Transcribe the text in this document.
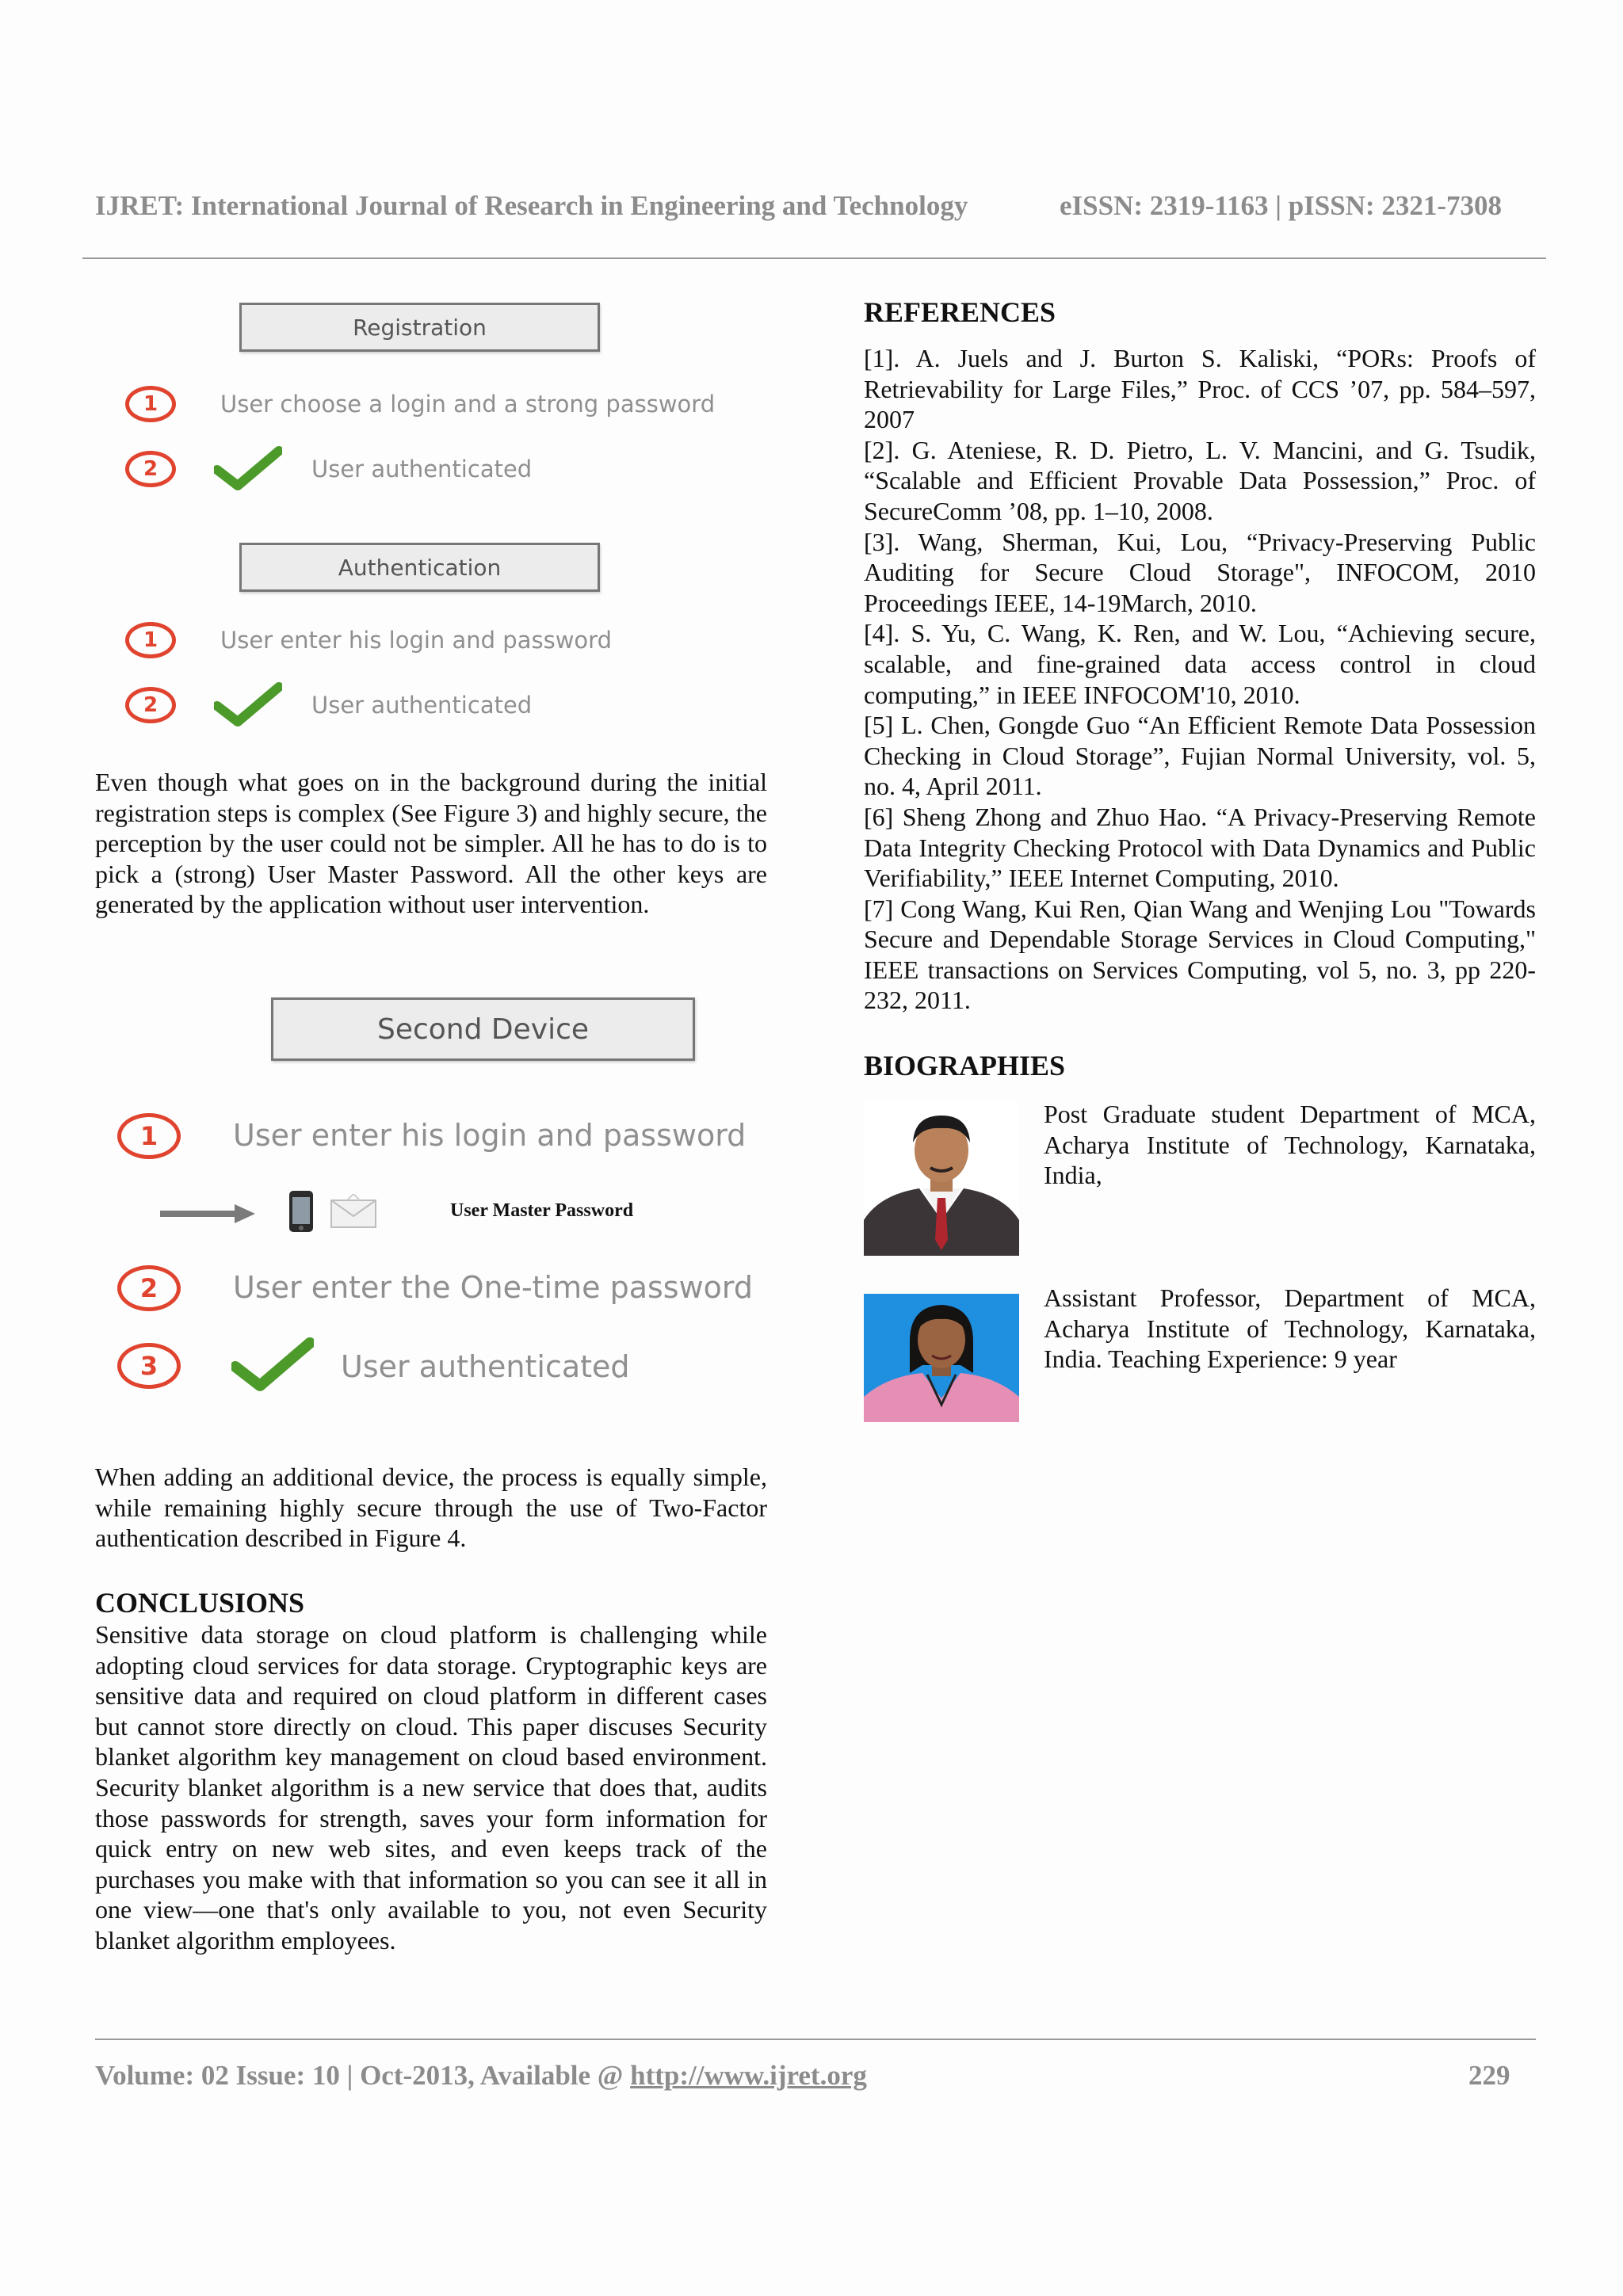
IJRET: International Journal of Research in Engineering and Technology	eISSN: 2319-1163 | pISSN: 2321-7308
Registration
1	User choose a login and a strong password
2	User authenticated
Authentication
1	User enter his login and password
2	User authenticated
Even though what goes on in the background during the initial registration steps is complex (See Figure 3) and highly secure, the perception by the user could not be simpler. All he has to do is to pick a (strong) User Master Password. All the other keys are generated by the application without user intervention.
Second Device
1 User enter his login and password
User Master Password
2 User enter the One-time password
3	User authenticated
When adding an additional device, the process is equally simple, while remaining highly secure through the use of Two-Factor authentication described in Figure 4.
CONCLUSIONS
Sensitive data storage on cloud platform is challenging while adopting cloud services for data storage. Cryptographic keys are sensitive data and required on cloud platform in different cases but cannot store directly on cloud. This paper discuses Security blanket algorithm key management on cloud based environment. Security blanket algorithm is a new service that does that, audits those passwords for strength, saves your form information for quick entry on new web sites, and even keeps track of the purchases you make with that information so you can see it all in one view—one that's only available to you, not even Security blanket algorithm employees.
REFERENCES

[1]. A. Juels and J. Burton S. Kaliski, “PORs: Proofs of Retrievability for Large Files,” Proc. of CCS ’07, pp. 584–597, 2007

[2]. G. Ateniese, R. D. Pietro, L. V. Mancini, and G. Tsudik, “Scalable and Efficient Provable Data Possession,” Proc. of SecureComm ’08, pp. 1–10, 2008.

[3]. Wang, Sherman, Kui, Lou, “Privacy-Preserving Public Auditing for Secure Cloud Storage", INFOCOM, 2010 Proceedings IEEE, 14-19March, 2010.

[4]. S. Yu, C. Wang, K. Ren, and W. Lou, “Achieving secure, scalable, and fine-grained data access control in cloud computing,” in IEEE INFOCOM'10, 2010.

[5] L. Chen, Gongde Guo “An Efficient Remote Data Possession Checking in Cloud Storage”, Fujian Normal University, vol. 5, no. 4, April 2011.

[6] Sheng Zhong and Zhuo Hao. “A Privacy-Preserving Remote Data Integrity Checking Protocol with Data Dynamics and Public Verifiability,” IEEE Internet Computing, 2010.

[7] Cong Wang, Kui Ren, Qian Wang and Wenjing Lou "Towards Secure and Dependable Storage Services in Cloud Computing," IEEE transactions on Services Computing, vol 5, no. 3, pp 220-232, 2011.

BIOGRAPHIES
Post Graduate student Department of MCA, Acharya Institute of Technology, Karnataka, India,
Assistant Professor, Department of MCA, Acharya Institute of Technology, Karnataka, India. Teaching Experience: 9 year
Volume: 02 Issue: 10 | Oct-2013, Available @ http://www.ijret.org	229
